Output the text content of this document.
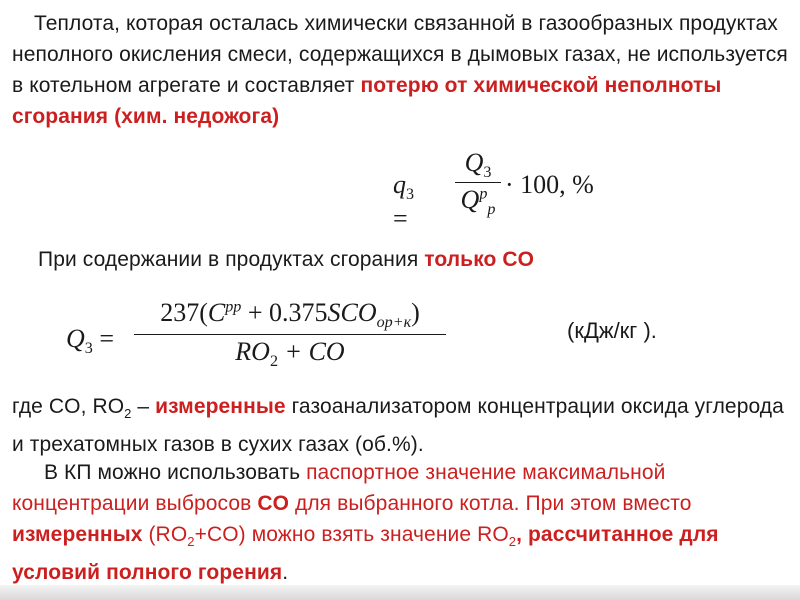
Теплота, которая осталась химически связанной в газообразных продуктах неполного окисления смеси, содержащихся в дымовых газах, не используется в котельном агрегате и составляет потерю от химической неполноты сгорания (хим. недожога)

$q_3$ =
$Q_3$
$Q^p_p$
· 100, %

При содержании в продуктах сгорания только CO

$Q_3$ =
$237(C^{pp} + 0.375SCO_{op+к})$
$RO_2$ + CO
(кДж/кг ).

где CO, $RO_2$ – измеренные газоанализатором концентрации оксида углерода и трехатомных газов в сухих газах (об.%).

В КП можно использовать паспортное значение максимальной концентрации выбросов CO для выбранного котла. При этом вместо измеренных $(RO_2+CO)$ можно взять значение $RO_2$, рассчитанное для условий полного горения.
